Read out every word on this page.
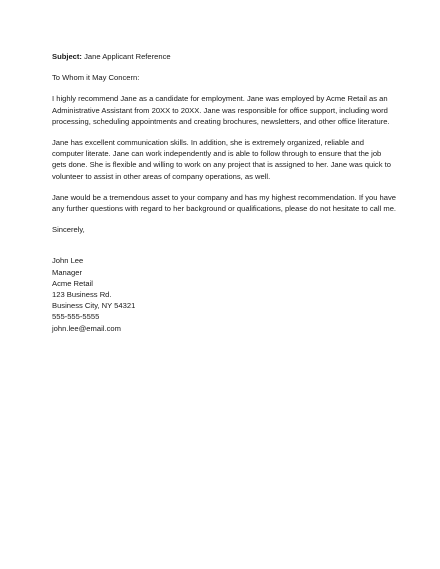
Subject: Jane Applicant Reference
To Whom it May Concern:
I highly recommend Jane as a candidate for employment. Jane was employed by Acme Retail as an Administrative Assistant from 20XX to 20XX. Jane was responsible for office support, including word processing, scheduling appointments and creating brochures, newsletters, and other office literature.
Jane has excellent communication skills. In addition, she is extremely organized, reliable and computer literate. Jane can work independently and is able to follow through to ensure that the job gets done. She is flexible and willing to work on any project that is assigned to her. Jane was quick to volunteer to assist in other areas of company operations, as well.
Jane would be a tremendous asset to your company and has my highest recommendation. If you have any further questions with regard to her background or qualifications, please do not hesitate to call me.
Sincerely,
John Lee
Manager
Acme Retail
123 Business Rd.
Business City, NY 54321
555-555-5555
john.lee@email.com
